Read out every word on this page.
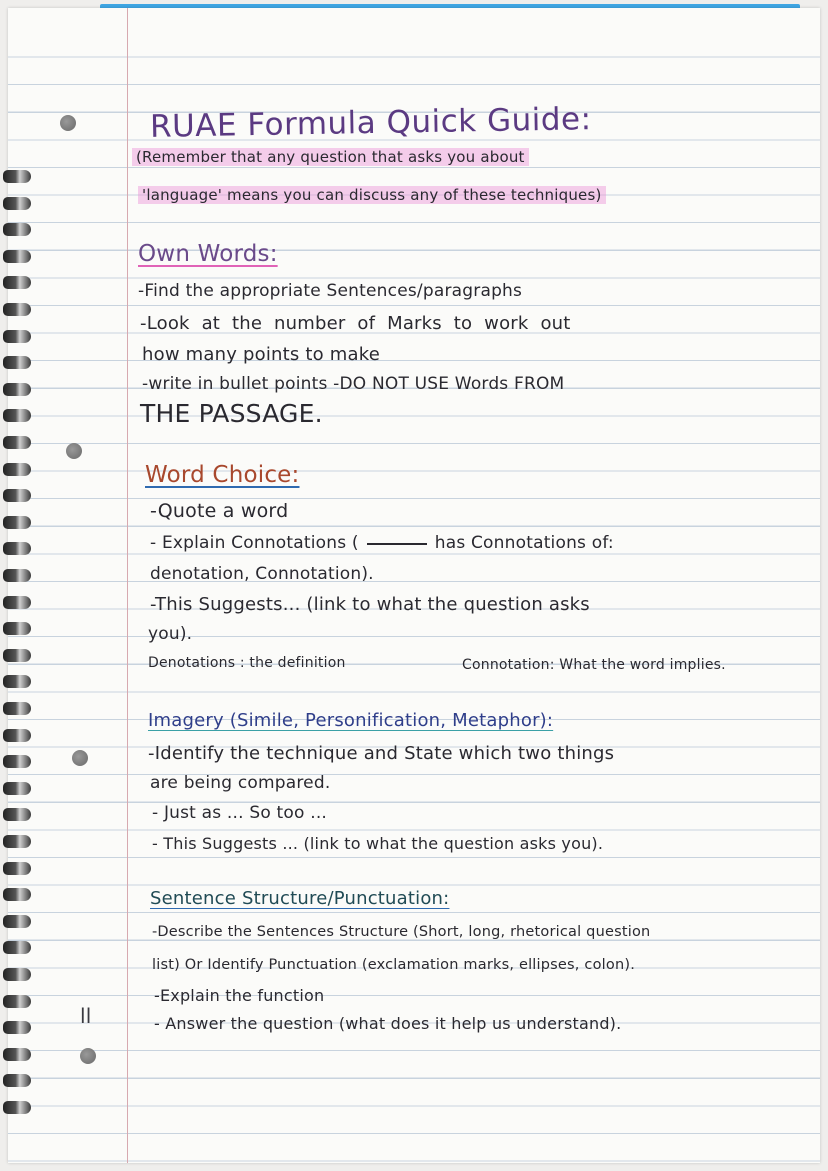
RUAE Formula Quick Guide:
(Remember that any question that asks you about
'language' means you can discuss any of these techniques)
Own Words:
-Find the appropriate Sentences/paragraphs
-Look at the number of Marks to work out
how many points to make
-write in bullet points -DO NOT USE Words FROM
THE PASSAGE.
Word Choice:
-Quote a word
- Explain Connotations (	has Connotations of:
denotation, Connotation).
-This Suggests... (link to what the question asks
you).
Denotations : the definition	Connotation: What the word implies.
Imagery (Simile, Personification, Metaphor):
-Identify the technique and State which two things
are being compared.
- Just as ... So too ...
- This Suggests ... (link to what the question asks you).
Sentence Structure/Punctuation:
-Describe the Sentences Structure (Short, long, rhetorical question
list) Or Identify Punctuation (exclamation marks, ellipses, colon).
-Explain the function
- Answer the question (what does it help us understand).
ll
